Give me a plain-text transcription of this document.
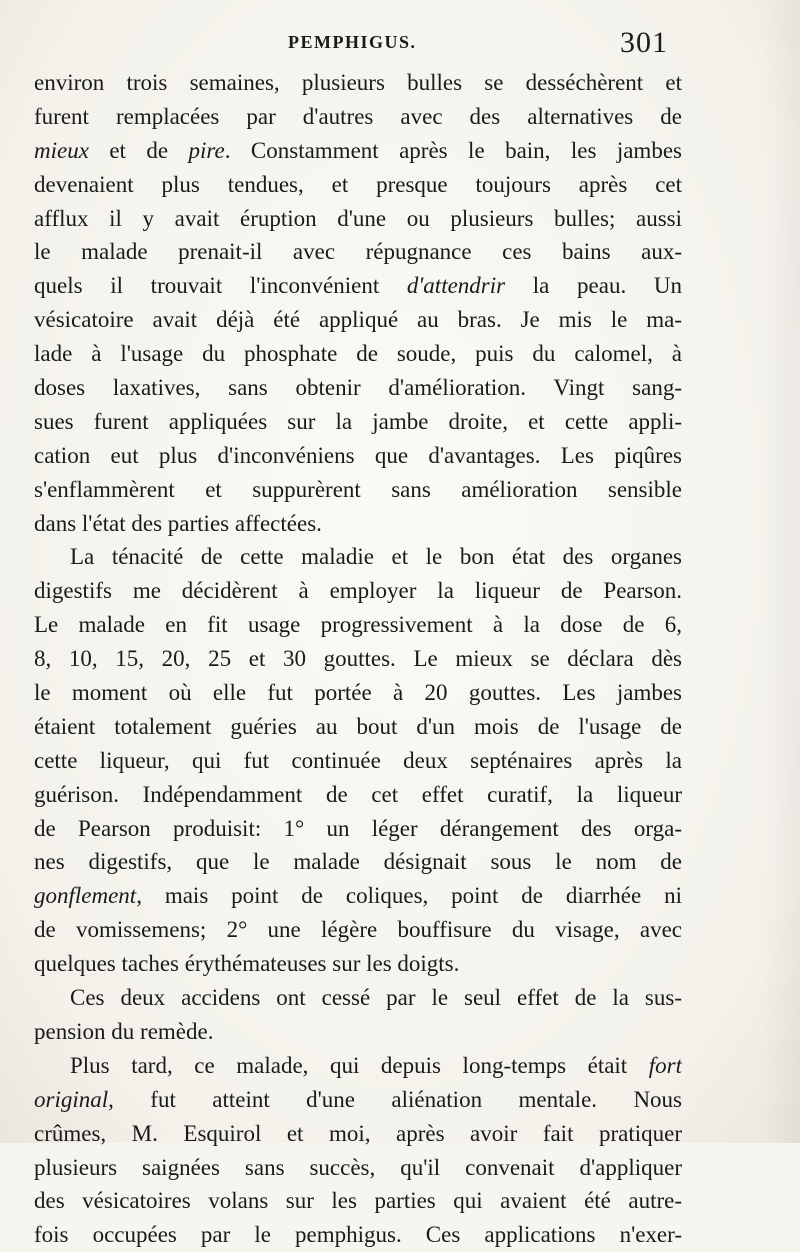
PEMPHIGUS.	301
environ trois semaines, plusieurs bulles se desséchèrent et
furent remplacées par d'autres avec des alternatives de
mieux et de pire. Constamment après le bain, les jambes
devenaient plus tendues, et presque toujours après cet
afflux il y avait éruption d'une ou plusieurs bulles; aussi
le malade prenait-il avec répugnance ces bains aux-
quels il trouvait l'inconvénient d'attendrir la peau. Un
vésicatoire avait déjà été appliqué au bras. Je mis le ma-
lade à l'usage du phosphate de soude, puis du calomel, à
doses laxatives, sans obtenir d'amélioration. Vingt sang-
sues furent appliquées sur la jambe droite, et cette appli-
cation eut plus d'inconvéniens que d'avantages. Les piqûres
s'enflammèrent et suppurèrent sans amélioration sensible
dans l'état des parties affectées.
La ténacité de cette maladie et le bon état des organes
digestifs me décidèrent à employer la liqueur de Pearson.
Le malade en fit usage progressivement à la dose de 6,
8, 10, 15, 20, 25 et 30 gouttes. Le mieux se déclara dès
le moment où elle fut portée à 20 gouttes. Les jambes
étaient totalement guéries au bout d'un mois de l'usage de
cette liqueur, qui fut continuée deux septénaires après la
guérison. Indépendamment de cet effet curatif, la liqueur
de Pearson produisit: 1° un léger dérangement des orga-
nes digestifs, que le malade désignait sous le nom de
gonflement, mais point de coliques, point de diarrhée ni
de vomissemens; 2° une légère bouffisure du visage, avec
quelques taches érythémateuses sur les doigts.
Ces deux accidens ont cessé par le seul effet de la sus-
pension du remède.
Plus tard, ce malade, qui depuis long-temps était fort
original, fut atteint d'une aliénation mentale. Nous
crûmes, M. Esquirol et moi, après avoir fait pratiquer
plusieurs saignées sans succès, qu'il convenait d'appliquer
des vésicatoires volans sur les parties qui avaient été autre-
fois occupées par le pemphigus. Ces applications n'exer-
